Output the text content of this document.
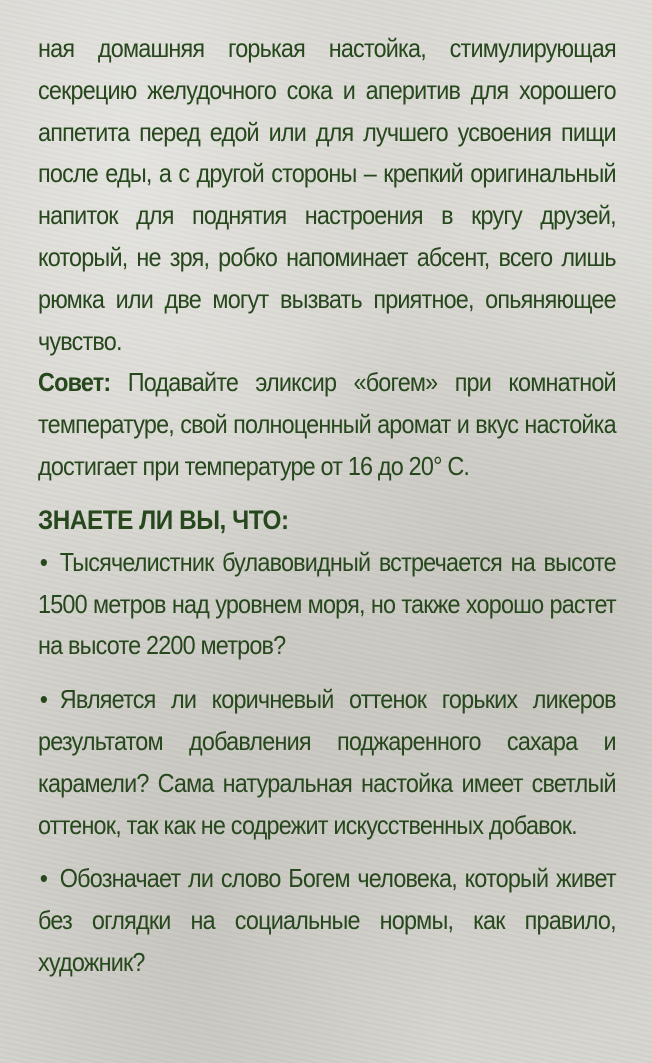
ная домашняя горькая настойка, стимулирующая секрецию желудочного сока и аперитив для хорошего аппетита перед едой или для лучшего усвоения пищи после еды, а с другой стороны – крепкий оригинальный напиток для поднятия настроения в кругу друзей, который, не зря, робко напоминает абсент, всего лишь рюмка или две могут вызвать приятное, опьяняющее чувство.

Совет: Подавайте эликсир «богем» при комнатной температуре, свой полноценный аромат и вкус настойка достигает при температуре от 16 до 20° С.

ЗНАЕТЕ ЛИ ВЫ, ЧТО:

• Тысячелистник булавовидный встречается на высоте 1500 метров над уровнем моря, но также хорошо растет на высоте 2200 метров?

• Является ли коричневый оттенок горьких ликеров результатом добавления поджаренного сахара и карамели? Сама натуральная настойка имеет светлый оттенок, так как не содрежит искусственных добавок.

• Обозначает ли слово Богем человека, который живет без оглядки на социальные нормы, как правило, художник?
